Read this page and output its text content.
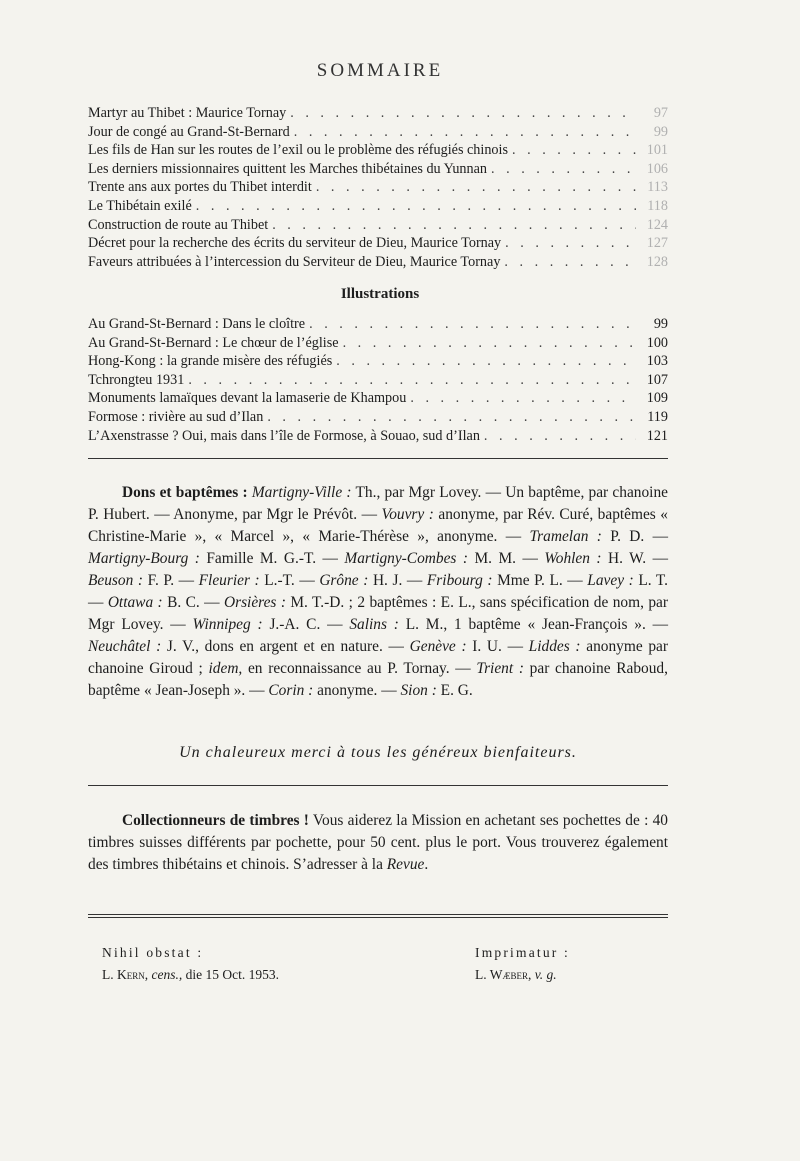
SOMMAIRE
Martyr au Thibet : Maurice Tornay . . .	97
Jour de congé au Grand-St-Bernard . . .	99
Les fils de Han sur les routes de l’exil ou le problème des réfugiés chinois . . .	101
Les derniers missionnaires quittent les Marches thibétaines du Yunnan . . .	106
Trente ans aux portes du Thibet interdit . . .	113
Le Thibétain exilé . . .	118
Construction de route au Thibet . . .	124
Décret pour la recherche des écrits du serviteur de Dieu, Maurice Tornay . . .	127
Faveurs attribuées à l’intercession du Serviteur de Dieu, Maurice Tornay . . .	128
Illustrations
Au Grand-St-Bernard : Dans le cloître . . .	99
Au Grand-St-Bernard : Le chœur de l’église . . .	100
Hong-Kong : la grande misère des réfugiés . . .	103
Tchrongteu 1931 . . .	107
Monuments lamaïques devant la lamaserie de Khampou . . .	109
Formose : rivière au sud d’Ilan . . .	119
L’Axenstrasse ? Oui, mais dans l’île de Formose, à Souao, sud d’Ilan . . .	121

Dons et baptêmes : Martigny-Ville : Th., par Mgr Lovey. — Un baptême, par chanoine P. Hubert. — Anonyme, par Mgr le Prévôt. — Vouvry : anonyme, par Rév. Curé, baptêmes « Christine-Marie », « Marcel », « Marie-Thérèse », anonyme. — Tramelan : P. D. — Martigny-Bourg : Famille M. G.-T. — Martigny-Combes : M. M. — Wohlen : H. W. — Beuson : F. P. — Fleurier : L.-T. — Grône : H. J. — Fribourg : Mme P. L. — Lavey : L. T. — Ottawa : B. C. — Orsières : M. T.-D. ; 2 baptêmes : E. L., sans spécification de nom, par Mgr Lovey. — Winnipeg : J.-A. C. — Salins : L. M., 1 baptême « Jean-François ». — Neuchâtel : J. V., dons en argent et en nature. — Genève : I. U. — Liddes : anonyme par chanoine Giroud ; idem, en reconnaissance au P. Tornay. — Trient : par chanoine Raboud, baptême « Jean-Joseph ». — Corin : anonyme. — Sion : E. G.

Un chaleureux merci à tous les généreux bienfaiteurs.

Collectionneurs de timbres ! Vous aiderez la Mission en achetant ses pochettes de : 40 timbres suisses différents par pochette, pour 50 cent. plus le port. Vous trouverez également des timbres thibétains et chinois. S’adresser à la Revue.

Nihil obstat :
L. Kern, cens., die 15 Oct. 1953.
Imprimatur :
L. Wæber, v. g.
